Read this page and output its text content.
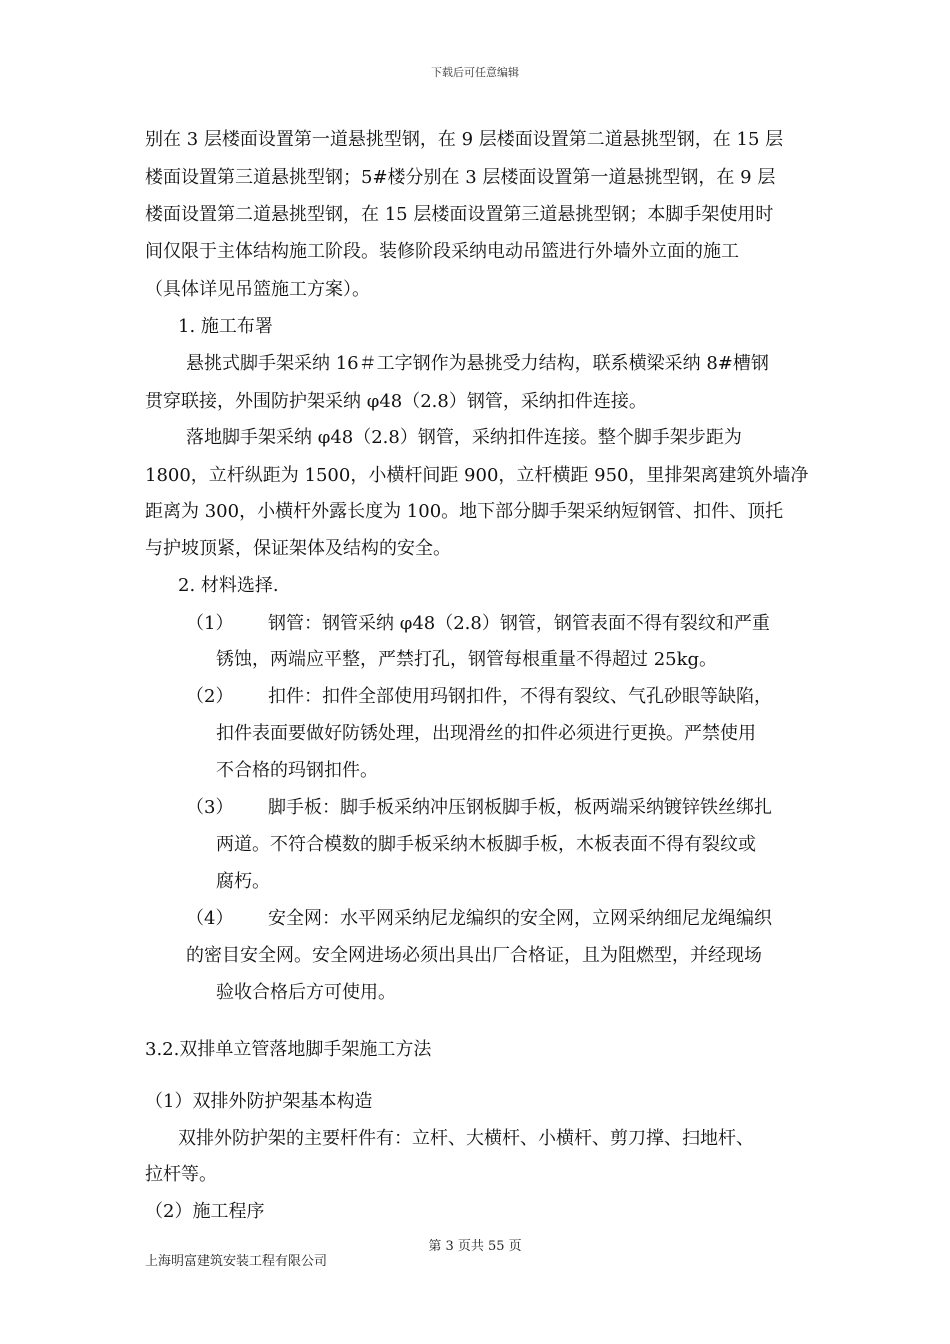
下载后可任意编辑
别在 3 层楼面设置第一道悬挑型钢，在 9 层楼面设置第二道悬挑型钢，在 15 层
楼面设置第三道悬挑型钢；5#楼分别在 3 层楼面设置第一道悬挑型钢，在 9 层
楼面设置第二道悬挑型钢，在 15 层楼面设置第三道悬挑型钢；本脚手架使用时
间仅限于主体结构施工阶段。装修阶段采纳电动吊篮进行外墙外立面的施工
（具体详见吊篮施工方案）。
1. 施工布署
悬挑式脚手架采纳 16＃工字钢作为悬挑受力结构，联系横梁采纳 8#槽钢
贯穿联接，外围防护架采纳 φ48（2.8）钢管，采纳扣件连接。
落地脚手架采纳 φ48（2.8）钢管，采纳扣件连接。整个脚手架步距为
1800，立杆纵距为 1500，小横杆间距 900，立杆横距 950，里排架离建筑外墙净
距离为 300，小横杆外露长度为 100。地下部分脚手架采纳短钢管、扣件、顶托
与护坡顶紧，保证架体及结构的安全。
2. 材料选择.
（1） 钢管：钢管采纳 φ48（2.8）钢管，钢管表面不得有裂纹和严重
锈蚀，两端应平整，严禁打孔，钢管每根重量不得超过 25kg。
（2） 扣件：扣件全部使用玛钢扣件，不得有裂纹、气孔砂眼等缺陷，
扣件表面要做好防锈处理，出现滑丝的扣件必须进行更换。严禁使用
不合格的玛钢扣件。
（3） 脚手板：脚手板采纳冲压钢板脚手板，板两端采纳镀锌铁丝绑扎
两道。不符合模数的脚手板采纳木板脚手板，木板表面不得有裂纹或
腐朽。
（4） 安全网：水平网采纳尼龙编织的安全网，立网采纳细尼龙绳编织
的密目安全网。安全网进场必须出具出厂合格证，且为阻燃型，并经现场
验收合格后方可使用。
3.2.双排单立管落地脚手架施工方法
（1）双排外防护架基本构造
双排外防护架的主要杆件有：立杆、大横杆、小横杆、剪刀撑、扫地杆、
拉杆等。
（2）施工程序
第 3 页共 55 页
上海明富建筑安装工程有限公司
